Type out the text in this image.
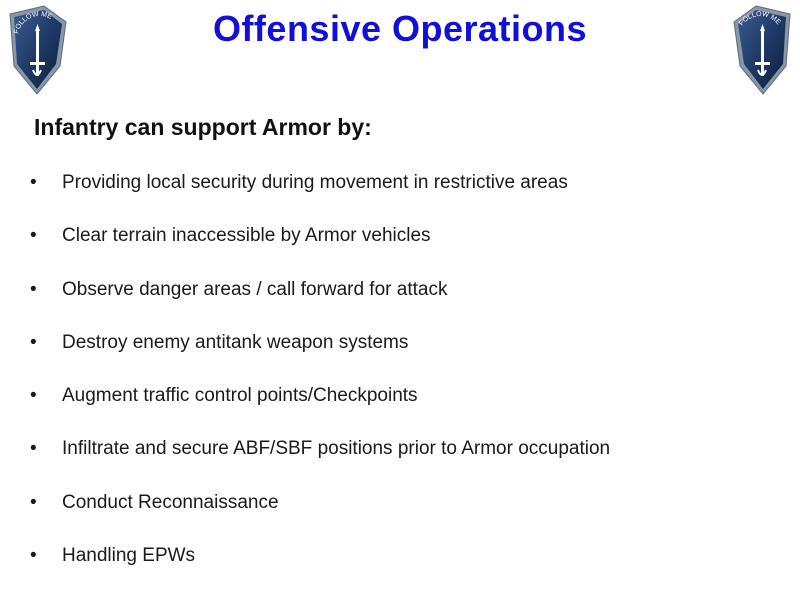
FOLLOW ME	Offensive Operations	FOLLOW ME
Infantry can support Armor by:
•	Providing local security during movement in restrictive areas
•	Clear terrain inaccessible by Armor vehicles
•	Observe danger areas / call forward for attack
•	Destroy enemy antitank weapon systems
•	Augment traffic control points/Checkpoints
•	Infiltrate and secure ABF/SBF positions prior to Armor occupation
•	Conduct Reconnaissance
•	Handling EPWs
